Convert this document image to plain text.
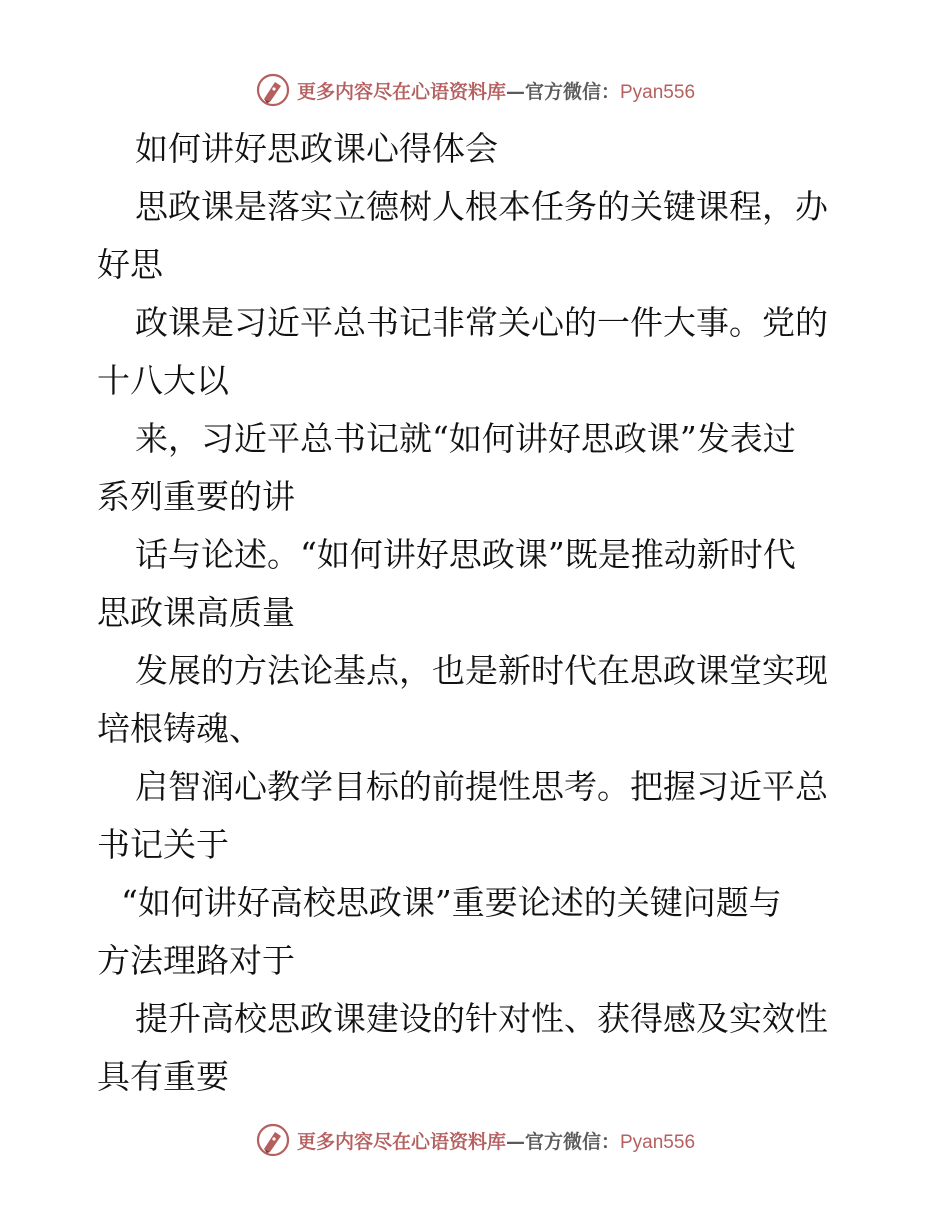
更多内容尽在心语资料库—官方微信：Pyan556
如何讲好思政课心得体会
思政课是落实立德树人根本任务的关键课程，办
好思
政课是习近平总书记非常关心的一件大事。党的
十八大以
来，习近平总书记就“如何讲好思政课”发表过
系列重要的讲
话与论述。“如何讲好思政课”既是推动新时代
思政课高质量
发展的方法论基点，也是新时代在思政课堂实现
培根铸魂、
启智润心教学目标的前提性思考。把握习近平总
书记关于
“如何讲好高校思政课”重要论述的关键问题与
方法理路对于
提升高校思政课建设的针对性、获得感及实效性
具有重要
更多内容尽在心语资料库—官方微信：Pyan556
